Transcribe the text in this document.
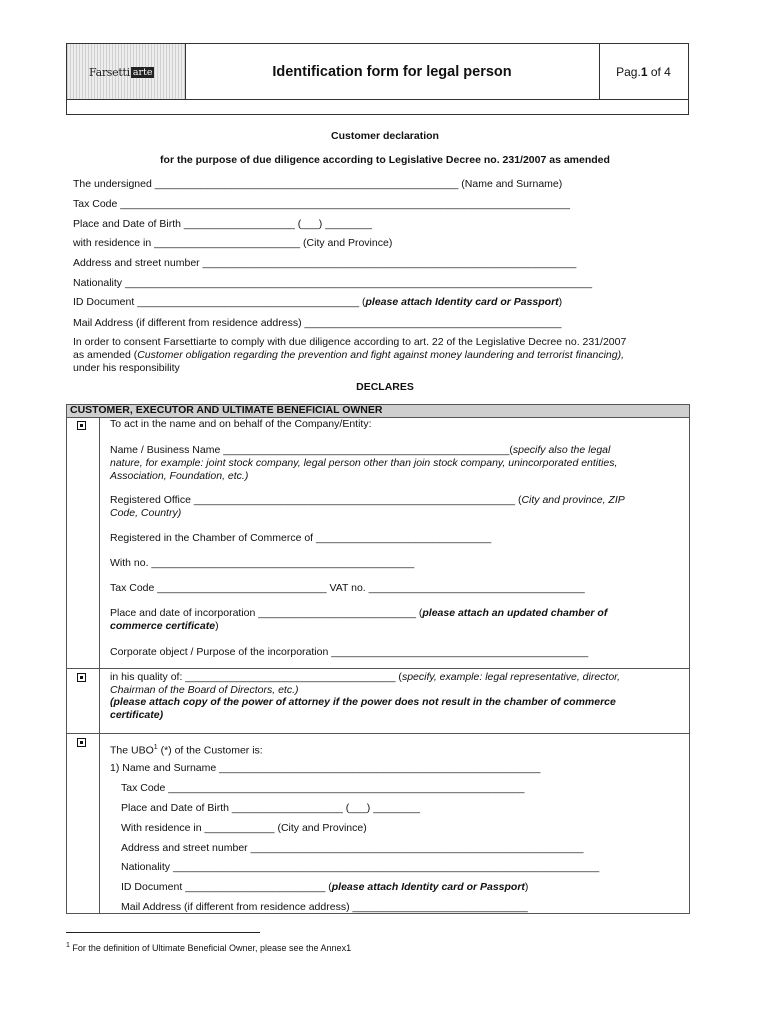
Farsetti arte	Identification form for legal person	Pag. 1 of 4
Customer declaration
for the purpose of due diligence according to Legislative Decree no. 231/2007 as amended
The undersigned ____________________________________________________ (Name and Surname)
Tax Code _____________________________________________________________________________
Place and Date of Birth ___________________ (___) ________
with residence in _________________________ (City and Province)
Address and street number ________________________________________________________________
Nationality ________________________________________________________________________________
ID Document ______________________________________ (please attach Identity card or Passport)
Mail Address (if different from residence address) ____________________________________________
In order to consent Farsettiarte to comply with due diligence according to art. 22 of the Legislative Decree no. 231/2007
as amended (Customer obligation regarding the prevention and fight against money laundering and terrorist financing),
under his responsibility
DECLARES
CUSTOMER, EXECUTOR AND ULTIMATE BENEFICIAL OWNER
To act in the name and on behalf of the Company/Entity:
Name / Business Name _________________________________________________(specify also the legal
nature, for example: joint stock company, legal person other than join stock company, unincorporated entities,
Association, Foundation, etc.)
Registered Office _______________________________________________________ (City and province, ZIP
Code, Country)
Registered in the Chamber of Commerce of ______________________________
With no. _____________________________________________
Tax Code _____________________________ VAT no. _____________________________________
Place and date of incorporation ___________________________ (please attach an updated chamber of
commerce certificate)
Corporate object / Purpose of the incorporation ____________________________________________
in his quality of: ____________________________________ (specify, example: legal representative, director,
Chairman of the Board of Directors, etc.)
(please attach copy of the power of attorney if the power does not result in the chamber of commerce
certificate)
The UBO$^1$ (*) of the Customer is:
1) Name and Surname _______________________________________________________
Tax Code _____________________________________________________________
Place and Date of Birth ___________________ (___) ________
With residence in ____________ (City and Province)
Address and street number _________________________________________________________
Nationality _________________________________________________________________________
ID Document ________________________ (please attach Identity card or Passport)
Mail Address (if different from residence address) ______________________________
$^1$ For the definition of Ultimate Beneficial Owner, please see the Annex1
